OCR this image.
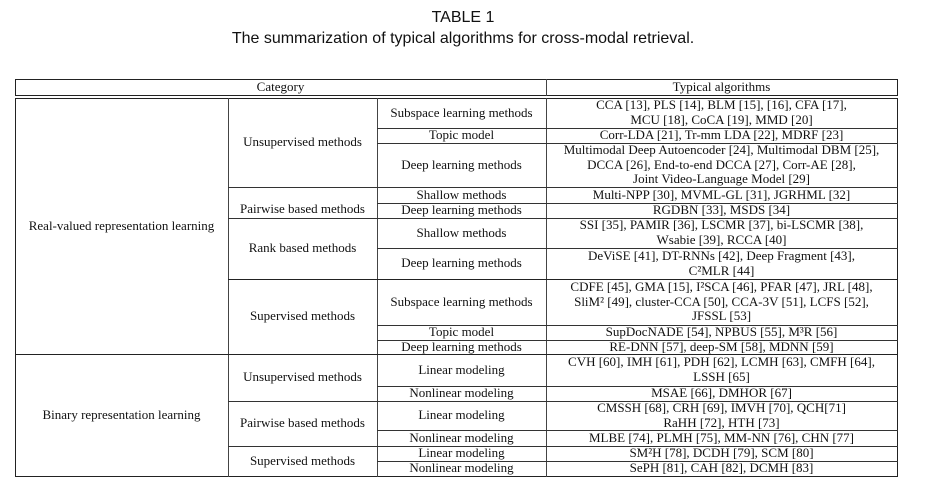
TABLE 1
The summarization of typical algorithms for cross-modal retrieval.
Category	Typical algorithms
Real-valued representation learning
Binary representation learning
Unsupervised methods
Pairwise based methods
Rank based methods
Supervised methods
Unsupervised methods
Pairwise based methods
Supervised methods
Subspace learning methods
Topic model
Deep learning methods
Shallow methods
Deep learning methods
Shallow methods
Deep learning methods
Subspace learning methods
Topic model
Deep learning methods
Linear modeling
Nonlinear modeling
Linear modeling
Nonlinear modeling
Linear modeling
Nonlinear modeling
CCA [13], PLS [14], BLM [15], [16], CFA [17],
MCU [18], CoCA [19], MMD [20]
Corr-LDA [21], Tr-mm LDA [22], MDRF [23]
Multimodal Deep Autoencoder [24], Multimodal DBM [25],
DCCA [26], End-to-end DCCA [27], Corr-AE [28],
Joint Video-Language Model [29]
Multi-NPP [30], MVML-GL [31], JGRHML [32]
RGDBN [33], MSDS [34]
SSI [35], PAMIR [36], LSCMR [37], bi-LSCMR [38],
Wsabie [39], RCCA [40]
DeViSE [41], DT-RNNs [42], Deep Fragment [43],
C²MLR [44]
CDFE [45], GMA [15], I²SCA [46], PFAR [47], JRL [48],
SliM² [49], cluster-CCA [50], CCA-3V [51], LCFS [52],
JFSSL [53]
SupDocNADE [54], NPBUS [55], M³R [56]
RE-DNN [57], deep-SM [58], MDNN [59]
CVH [60], IMH [61], PDH [62], LCMH [63], CMFH [64],
LSSH [65]
MSAE [66], DMHOR [67]
CMSSH [68], CRH [69], IMVH [70], QCH[71]
RaHH [72], HTH [73]
MLBE [74], PLMH [75], MM-NN [76], CHN [77]
SM²H [78], DCDH [79], SCM [80]
SePH [81], CAH [82], DCMH [83]
